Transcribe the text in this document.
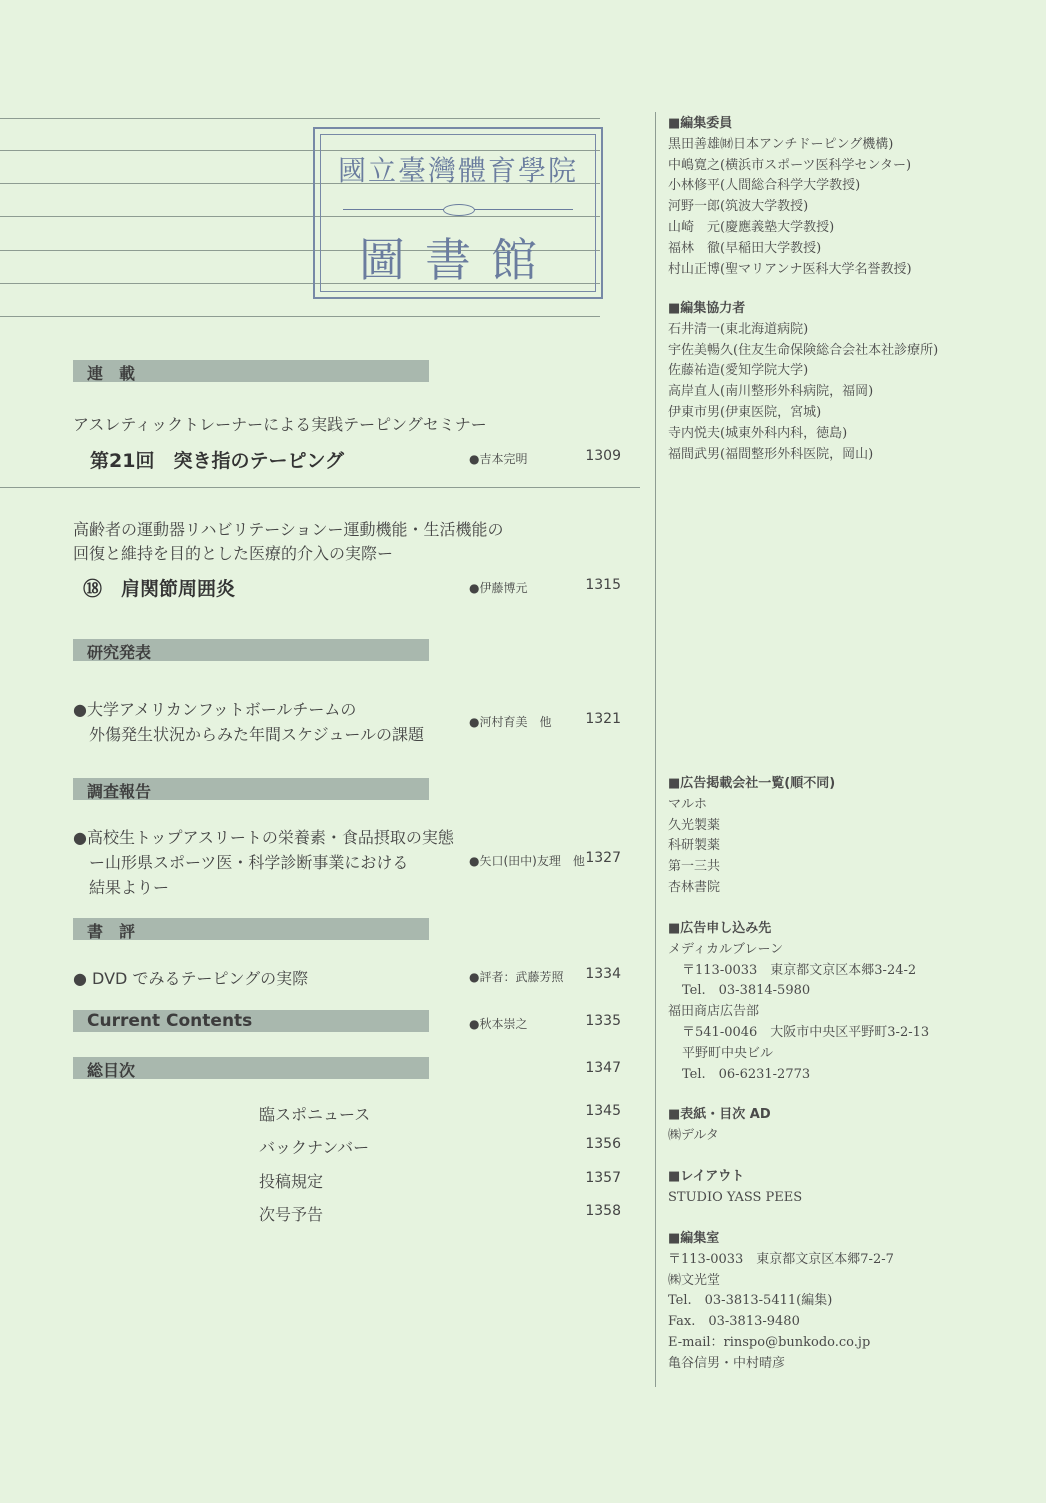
國立臺灣體育學院
圖書館
連　載
アスレティックトレーナーによる実践テーピングセミナー
第21回　突き指のテーピング	●吉本完明	1309
高齢者の運動器リハビリテーションー運動機能・生活機能の
回復と維持を目的とした医療的介入の実際ー
⑱　肩関節周囲炎	●伊藤博元	1315
研究発表
●大学アメリカンフットボールチームの
外傷発生状況からみた年間スケジュールの課題
●河村育美　他	1321
調査報告
●高校生トップアスリートの栄養素・食品摂取の実態
ー山形県スポーツ医・科学診断事業における
結果よりー
●矢口(田中)友理　他 1327
書　評
● DVD でみるテーピングの実際	●評者：武藤芳照	1334
Current Contents	●秋本崇之	1335
総目次	1347
臨スポニュース	1345
バックナンバー	1356
投稿規定	1357
次号予告	1358
■編集委員
黒田善雄㈶日本アンチドーピング機構)
中嶋寛之(横浜市スポーツ医科学センター)
小林修平(人間総合科学大学教授)
河野一郎(筑波大学教授)
山崎　元(慶應義塾大学教授)
福林　徹(早稲田大学教授)
村山正博(聖マリアンナ医科大学名誉教授)
■編集協力者
石井清一(東北海道病院)
宇佐美暢久(住友生命保険総合会社本社診療所)
佐藤祐造(愛知学院大学)
高岸直人(南川整形外科病院，福岡)
伊東市男(伊東医院，宮城)
寺内悦夫(城東外科内科，徳島)
福間武男(福間整形外科医院，岡山)
■広告掲載会社一覧(順不同)
マルホ
久光製薬
科研製薬
第一三共
杏林書院
■広告申し込み先
メディカルブレーン
〒113-0033　東京都文京区本郷3-24-2
Tel.　03-3814-5980
福田商店広告部
〒541-0046　大阪市中央区平野町3-2-13
平野町中央ビル
Tel.　06-6231-2773
■表紙・目次 AD
㈱デルタ
■レイアウト
STUDIO YASS PEES
■編集室
〒113-0033　東京都文京区本郷7-2-7
㈱文光堂
Tel.　03-3813-5411(編集)
Fax.　03-3813-9480
E-mail：rinspo@bunkodo.co.jp
亀谷信男・中村晴彦
